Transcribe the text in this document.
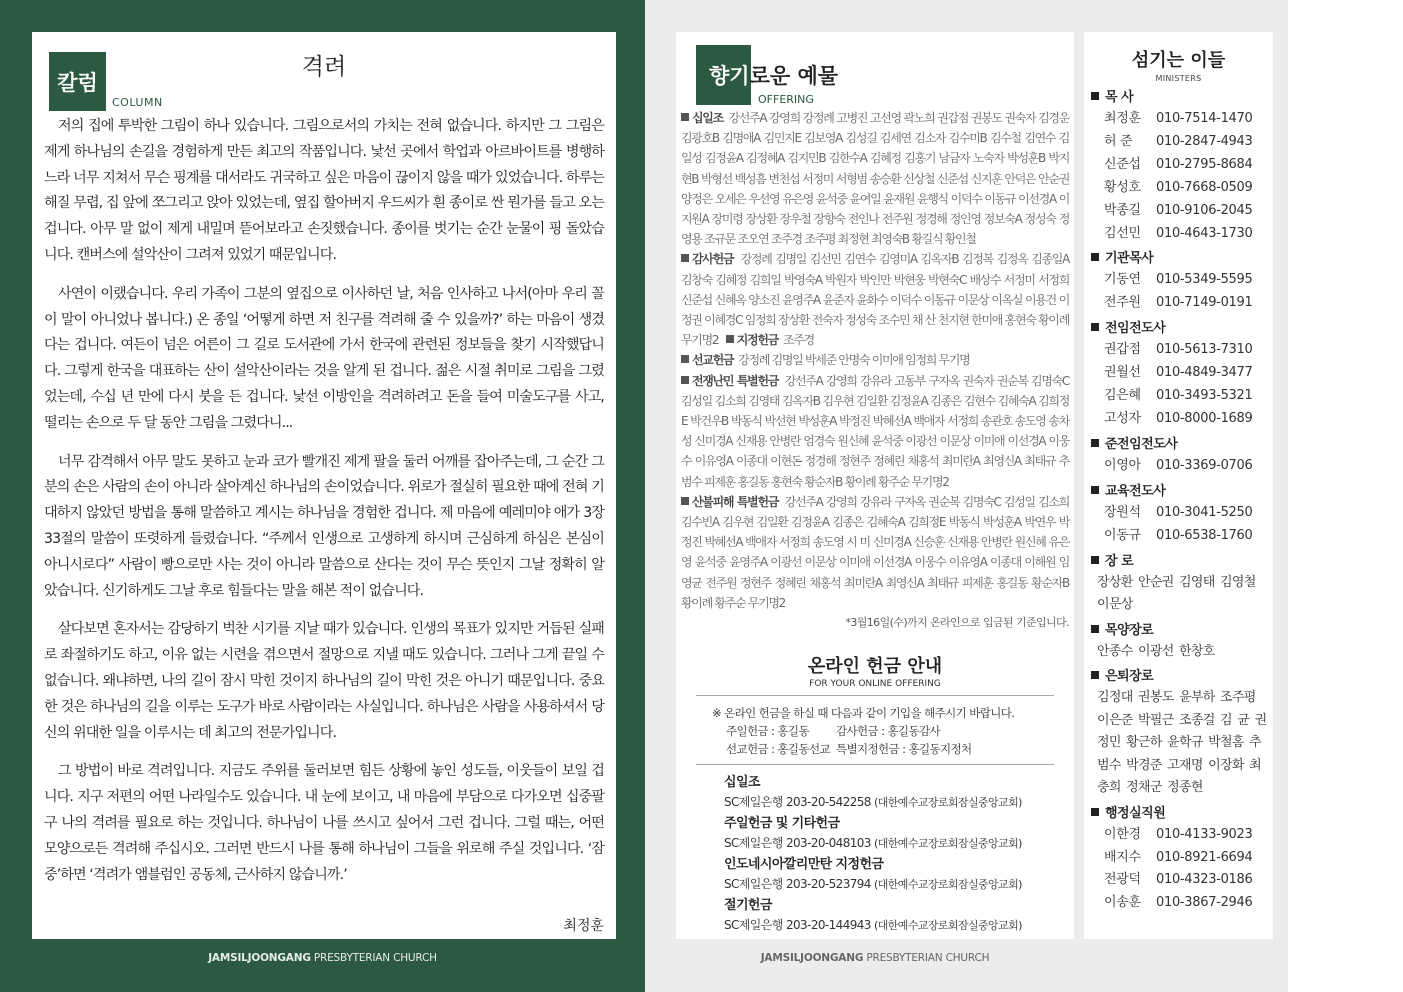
칼럼
COLUMN
격려

저의 집에 투박한 그림이 하나 있습니다. 그림으로서의 가치는 전혀 없습니다. 하지만 그 그림은 제게 하나님의 손길을 경험하게 만든 최고의 작품입니다. 낯선 곳에서 학업과 아르바이트를 병행하느라 너무 지쳐서 무슨 핑계를 대서라도 귀국하고 싶은 마음이 끊이지 않을 때가 있었습니다. 하루는 해질 무렵, 집 앞에 쪼그리고 앉아 있었는데, 옆집 할아버지 우드씨가 흰 종이로 싼 뭔가를 들고 오는 겁니다. 아무 말 없이 제게 내밀며 뜯어보라고 손짓했습니다. 종이를 벗기는 순간 눈물이 핑 돌았습니다. 캔버스에 설악산이 그려져 있었기 때문입니다.

사연이 이랬습니다. 우리 가족이 그분의 옆집으로 이사하던 날, 처음 인사하고 나서(아마 우리 꼴이 말이 아니었나 봅니다.) 온 종일 ‘어떻게 하면 저 친구를 격려해 줄 수 있을까?’ 하는 마음이 생겼다는 겁니다. 여든이 넘은 어른이 그 길로 도서관에 가서 한국에 관련된 정보들을 찾기 시작했답니다. 그렇게 한국을 대표하는 산이 설악산이라는 것을 알게 된 겁니다. 젊은 시절 취미로 그림을 그렸었는데, 수십 년 만에 다시 붓을 든 겁니다. 낯선 이방인을 격려하려고 돈을 들여 미술도구를 사고, 떨리는 손으로 두 달 동안 그림을 그렸다니...

너무 감격해서 아무 말도 못하고 눈과 코가 빨개진 제게 팔을 둘러 어깨를 잡아주는데, 그 순간 그분의 손은 사람의 손이 아니라 살아계신 하나님의 손이었습니다. 위로가 절실히 필요한 때에 전혀 기대하지 않았던 방법을 통해 말씀하고 계시는 하나님을 경험한 겁니다. 제 마음에 예레미야 애가 3장 33절의 말씀이 또렷하게 들렸습니다. “주께서 인생으로 고생하게 하시며 근심하게 하심은 본심이 아니시로다” 사람이 빵으로만 사는 것이 아니라 말씀으로 산다는 것이 무슨 뜻인지 그날 정확히 알았습니다. 신기하게도 그날 후로 힘들다는 말을 해본 적이 없습니다.

살다보면 혼자서는 감당하기 벅찬 시기를 지날 때가 있습니다. 인생의 목표가 있지만 거듭된 실패로 좌절하기도 하고, 이유 없는 시련을 겪으면서 절망으로 지낼 때도 있습니다. 그러나 그게 끝일 수 없습니다. 왜냐하면, 나의 길이 잠시 막힌 것이지 하나님의 길이 막힌 것은 아니기 때문입니다. 중요한 것은 하나님의 길을 이루는 도구가 바로 사람이라는 사실입니다. 하나님은 사람을 사용하셔서 당신의 위대한 일을 이루시는 데 최고의 전문가입니다.

그 방법이 바로 격려입니다. 지금도 주위를 둘러보면 힘든 상황에 놓인 성도들, 이웃들이 보일 겁니다. 지구 저편의 어떤 나라일수도 있습니다. 내 눈에 보이고, 내 마음에 부담으로 다가오면 십중팔구 나의 격려를 필요로 하는 것입니다. 하나님이 나를 쓰시고 싶어서 그런 겁니다. 그럴 때는, 어떤 모양으로든 격려해 주십시오. 그러면 반드시 나를 통해 하나님이 그들을 위로해 주실 것입니다. ‘잠중’하면 ‘격려가 앰블럼인 공동체, 근사하지 않습니까.’

최정훈
JAMSILJOONGANG PRESBYTERIAN CHURCH
향기로운 예물
OFFERING

십일조 강선주A 강영희 강정례 고병진 고선영 곽노희 권갑점 권봉도 권숙자 김경운 김광호B 김명애A 김민지E 김보영A 김성길 김세연 김소자 김수미B 김수철 김연수 김일성 김정윤A 김정혜A 김지민B 김한수A 김혜정 김홍기 남금자 노숙자 박성훈B 박지현B 박형선 백성흠 변천섭 서정미 서형범 송승환 신상철 신준섭 신지훈 안덕은 안순권 양정은 오세은 우선영 유은영 윤석중 윤여일 윤재원 윤행식 이덕수 이동규 이선경A 이지원A 장미령 장상환 장우철 장향숙 전인나 전주원 정경해 정인영 정보숙A 정성숙 정영용 조규문 조오연 조주경 조주평 최정현 최영숙B 황길식 황인철

감사헌금 강정례 김명일 김선민 김연수 김영미A 김옥자B 김정복 김정옥 김종일A 김창숙 김혜정 김희일 박영숙A 박원자 박인만 박현웅 박현숙C 배상수 서정미 서정희 신준섭 신혜옥 양소진 윤영주A 윤준자 윤화수 이덕수 이동규 이문상 이옥실 이용건 이정권 이혜경C 임정희 장상환 전숙자 정성숙 조수민 채 산 천지현 한미애 홍현숙 황이례 무기명2 지정헌금 조주경

선교헌금 강정례 김명일 박세준 안명숙 이미애 임정희 무기명

전쟁난민 특별헌금 강선주A 강영희 강유라 고동부 구자옥 권숙자 권순복 김명숙C 김성일 김소희 김영태 김옥자B 김우현 김일환 김정윤A 김종은 김현수 김혜숙A 김희정E 박건우B 박동식 박선현 박성훈A 박정진 박혜선A 백애자 서정희 송관호 송도영 송차성 신미경A 신재용 안병란 엄경숙 원신혜 윤석중 이광선 이문상 이미애 이선경A 이웅수 이유영A 이종대 이현돈 정경해 정현주 정혜린 채홍석 최미란A 최영신A 최태규 추범수 피제훈 홍길동 홍현숙 황순자B 황이례 황주순 무기명2

산불피해 특별헌금 강선주A 강영희 강유라 구자옥 권순복 김명숙C 김성일 김소희 김수빈A 김우현 김일환 김정윤A 김종은 김혜숙A 김희정E 박동식 박성훈A 박연우 박정진 박혜선A 백애자 서정희 송도영 시 미 신미경A 신승훈 신재용 안병란 원신혜 유은영 윤석중 윤영주A 이광선 이문상 이미애 이선경A 이웅수 이유영A 이종대 이해원 임영균 전주원 정현주 정혜린 채홍석 최미란A 최영신A 최태규 피제훈 홍길동 황순자B 황이례 황주순 무기명2

*3월16일(수)까지 온라인으로 입금된 기준입니다.
온라인 헌금 안내
FOR YOUR ONLINE OFFERING
※ 온라인 헌금을 하실 때 다음과 같이 기입을 해주시기 바랍니다.
주일헌금 : 홍길동 감사헌금 : 홍길동감사
선교헌금 : 홍길동선교 특별지정헌금 : 홍길동지정처
십일조
SC제일은행 203-20-542258 (대한예수교장로회잠실중앙교회)
주일헌금 및 기타헌금
SC제일은행 203-20-048103 (대한예수교장로회잠실중앙교회)
인도네시아깔리만탄 지정헌금
SC제일은행 203-20-523794 (대한예수교장로회잠실중앙교회)
절기헌금
SC제일은행 203-20-144943 (대한예수교장로회잠실중앙교회)
JAMSILJOONGANG PRESBYTERIAN CHURCH
섬기는 이들
MINISTERS
목 사
최정훈 010-7514-1470
허 준 010-2847-4943
신준섭 010-2795-8684
황성호 010-7668-0509
박종길 010-9106-2045
김선민 010-4643-1730
기관목사
기동연 010-5349-5595
전주원 010-7149-0191
전임전도사
권갑점 010-5613-7310
권월선 010-4849-3477
김은혜 010-3493-5321
고성자 010-8000-1689
준전임전도사
이영아 010-3369-0706
교육전도사
장원석 010-3041-5250
이동규 010-6538-1760
장 로
장상환 안순권 김영태 김영철 이문상
목양장로
안종수 이광선 한창호
은퇴장로
김정대 권봉도 윤부하 조주평 이은준 박필근 조종걸 김 균 권정민 황근하 윤학규 박철홈 추범수 박경준 고재명 이장화 최충희 정채군 정종현
행정실직원
이한경 010-4133-9023
배지수 010-8921-6694
전광덕 010-4323-0186
이송훈 010-3867-2946
